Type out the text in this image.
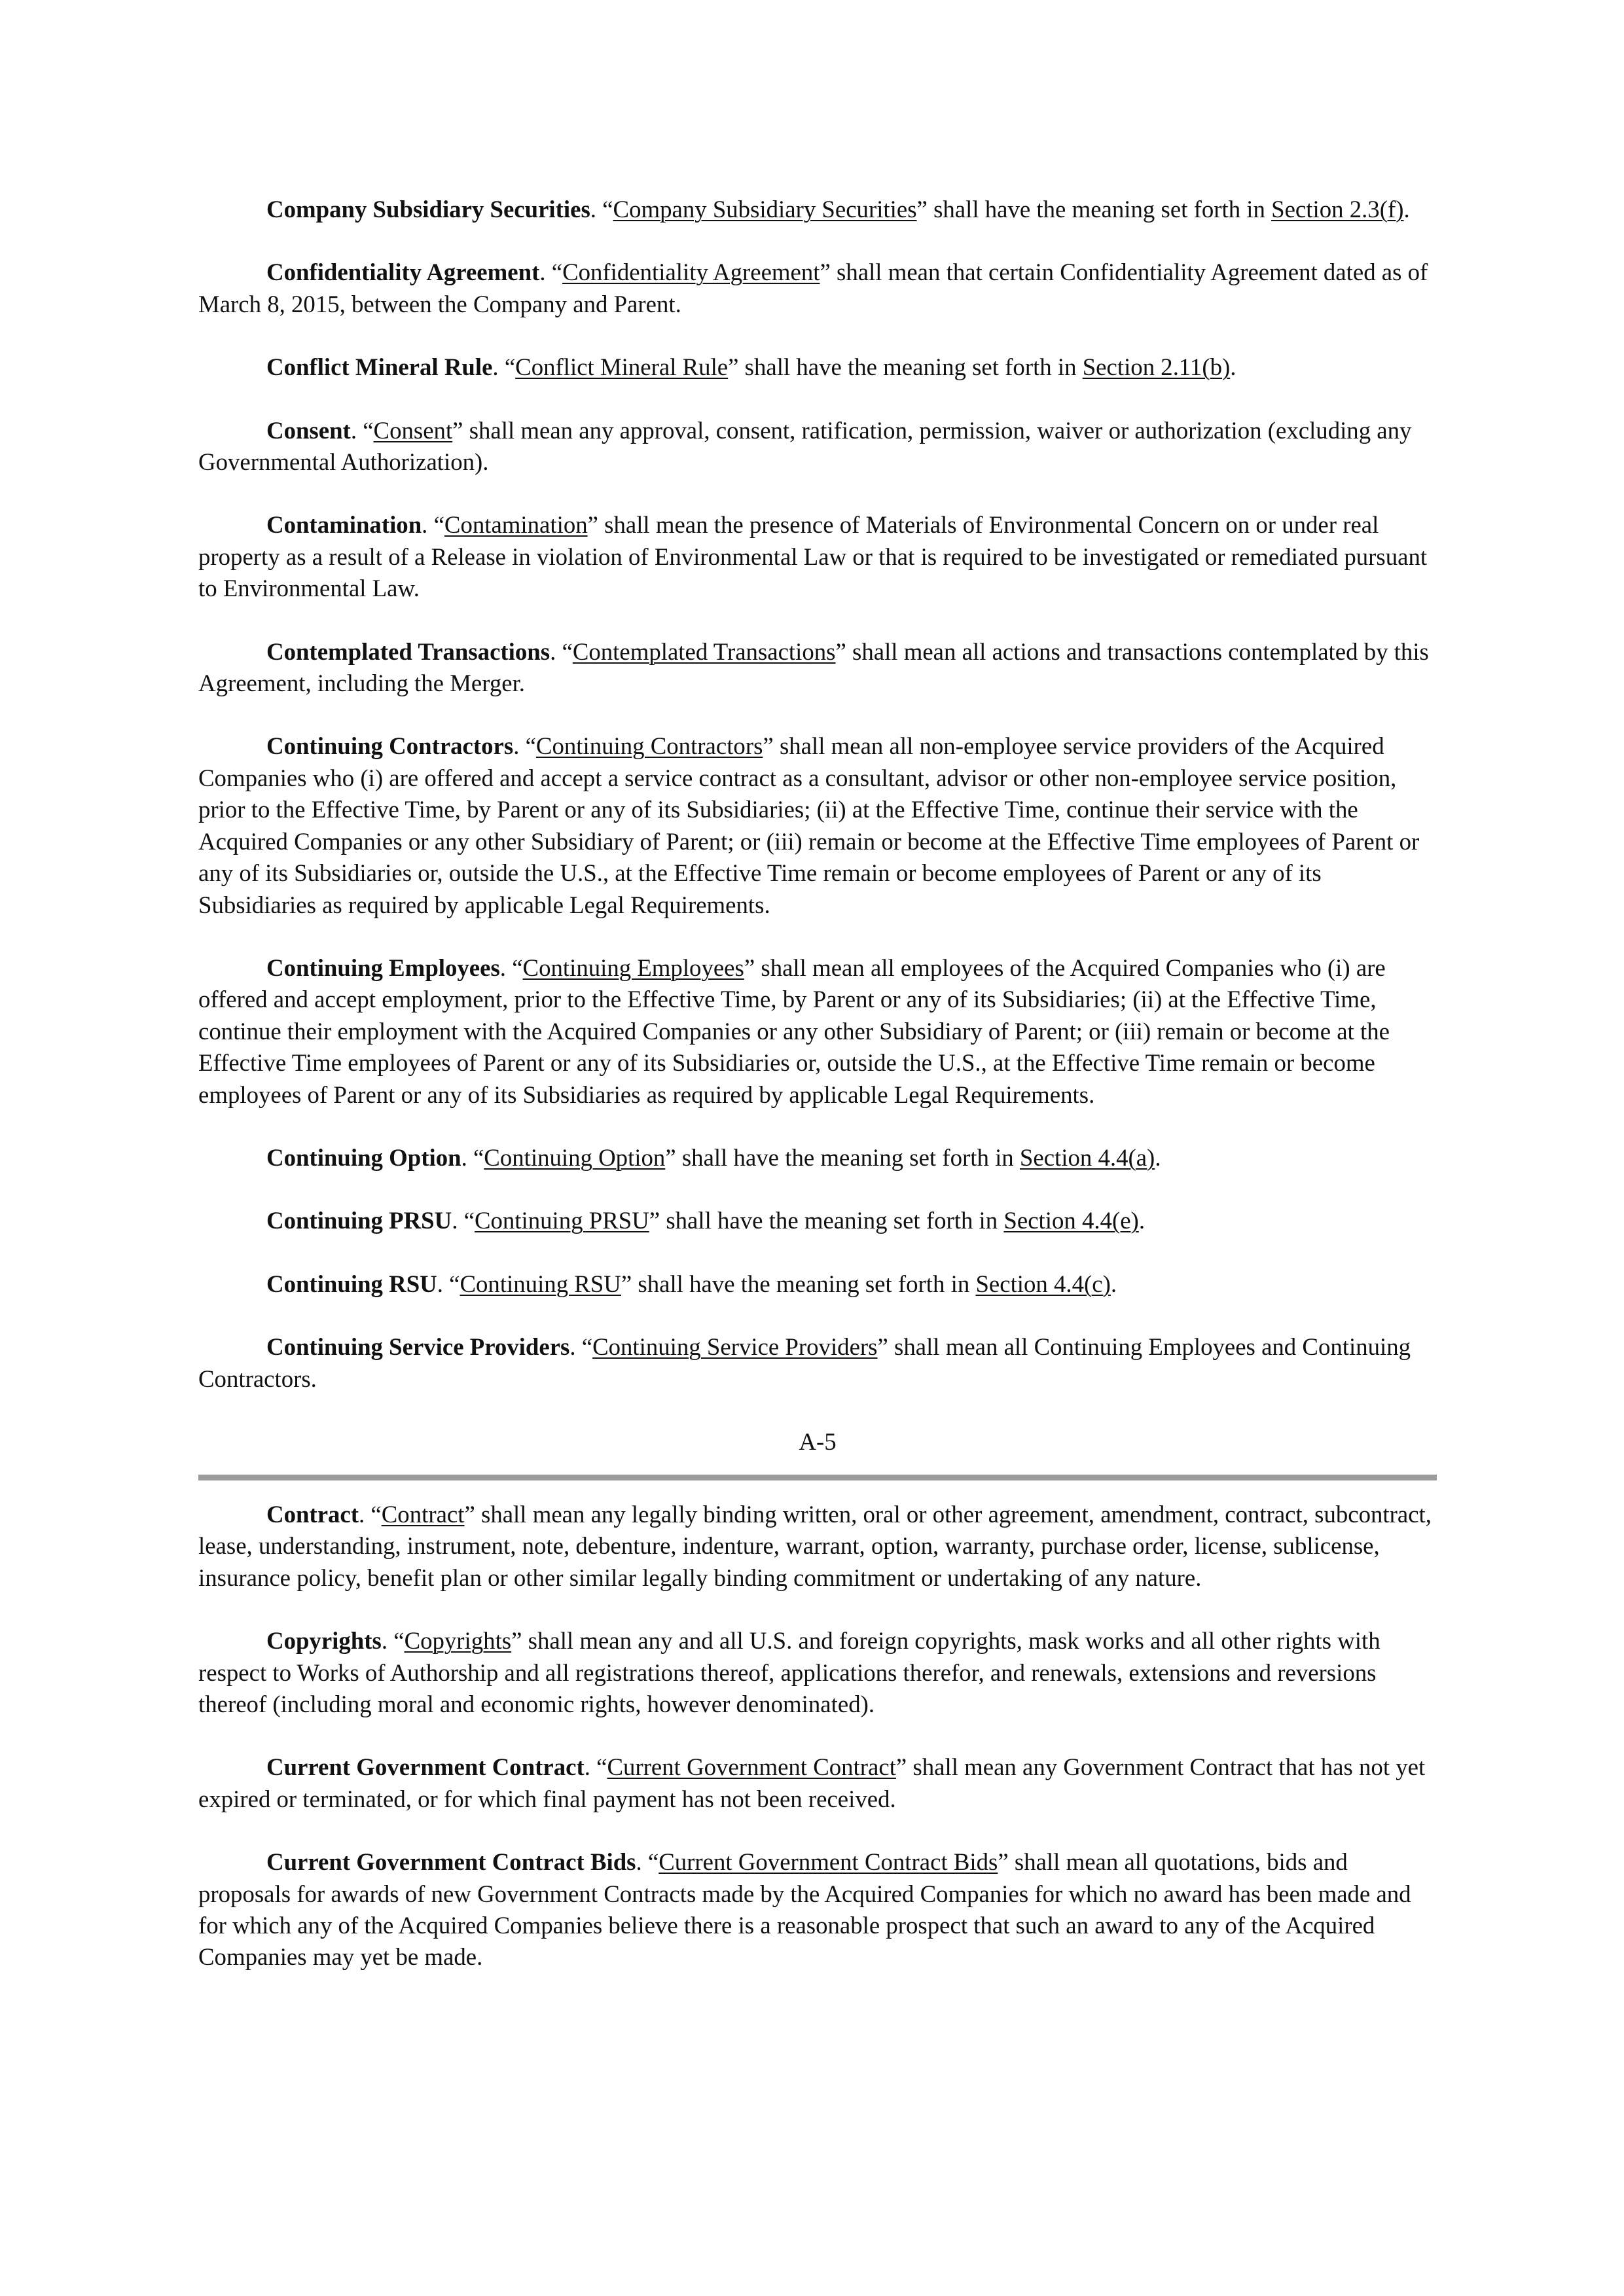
Company Subsidiary Securities. “Company Subsidiary Securities” shall have the meaning set forth in Section 2.3(f).

Confidentiality Agreement. “Confidentiality Agreement” shall mean that certain Confidentiality Agreement dated as of March 8, 2015, between the Company and Parent.

Conflict Mineral Rule. “Conflict Mineral Rule” shall have the meaning set forth in Section 2.11(b).

Consent. “Consent” shall mean any approval, consent, ratification, permission, waiver or authorization (excluding any Governmental Authorization).

Contamination. “Contamination” shall mean the presence of Materials of Environmental Concern on or under real property as a result of a Release in violation of Environmental Law or that is required to be investigated or remediated pursuant to Environmental Law.

Contemplated Transactions. “Contemplated Transactions” shall mean all actions and transactions contemplated by this Agreement, including the Merger.

Continuing Contractors. “Continuing Contractors” shall mean all non-employee service providers of the Acquired Companies who (i) are offered and accept a service contract as a consultant, advisor or other non-employee service position, prior to the Effective Time, by Parent or any of its Subsidiaries; (ii) at the Effective Time, continue their service with the Acquired Companies or any other Subsidiary of Parent; or (iii) remain or become at the Effective Time employees of Parent or any of its Subsidiaries or, outside the U.S., at the Effective Time remain or become employees of Parent or any of its Subsidiaries as required by applicable Legal Requirements.

Continuing Employees. “Continuing Employees” shall mean all employees of the Acquired Companies who (i) are offered and accept employment, prior to the Effective Time, by Parent or any of its Subsidiaries; (ii) at the Effective Time, continue their employment with the Acquired Companies or any other Subsidiary of Parent; or (iii) remain or become at the Effective Time employees of Parent or any of its Subsidiaries or, outside the U.S., at the Effective Time remain or become employees of Parent or any of its Subsidiaries as required by applicable Legal Requirements.

Continuing Option. “Continuing Option” shall have the meaning set forth in Section 4.4(a).

Continuing PRSU. “Continuing PRSU” shall have the meaning set forth in Section 4.4(e).

Continuing RSU. “Continuing RSU” shall have the meaning set forth in Section 4.4(c).

Continuing Service Providers. “Continuing Service Providers” shall mean all Continuing Employees and Continuing Contractors.

A-5

Contract. “Contract” shall mean any legally binding written, oral or other agreement, amendment, contract, subcontract, lease, understanding, instrument, note, debenture, indenture, warrant, option, warranty, purchase order, license, sublicense, insurance policy, benefit plan or other similar legally binding commitment or undertaking of any nature.

Copyrights. “Copyrights” shall mean any and all U.S. and foreign copyrights, mask works and all other rights with respect to Works of Authorship and all registrations thereof, applications therefor, and renewals, extensions and reversions thereof (including moral and economic rights, however denominated).

Current Government Contract. “Current Government Contract” shall mean any Government Contract that has not yet expired or terminated, or for which final payment has not been received.

Current Government Contract Bids. “Current Government Contract Bids” shall mean all quotations, bids and proposals for awards of new Government Contracts made by the Acquired Companies for which no award has been made and for which any of the Acquired Companies believe there is a reasonable prospect that such an award to any of the Acquired Companies may yet be made.
